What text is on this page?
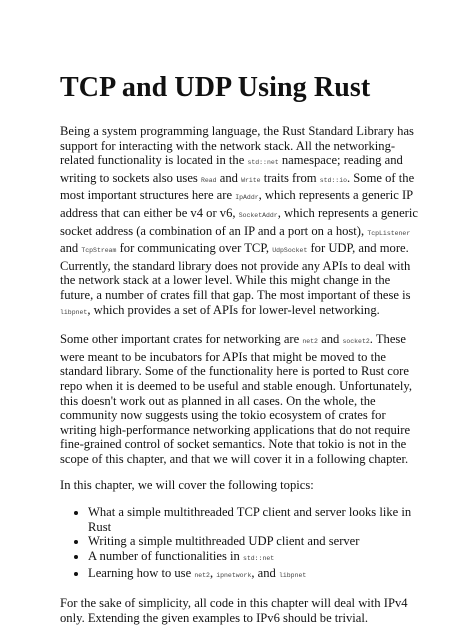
TCP and UDP Using Rust

Being a system programming language, the Rust Standard Library has support for interacting with the network stack. All the networking-related functionality is located in the std::net namespace; reading and writing to sockets also uses Read and Write traits from std::io. Some of the most important structures here are IpAddr, which represents a generic IP address that can either be v4 or v6, SocketAddr, which represents a generic socket address (a combination of an IP and a port on a host), TcpListener and TcpStream for communicating over TCP, UdpSocket for UDP, and more. Currently, the standard library does not provide any APIs to deal with the network stack at a lower level. While this might change in the future, a number of crates fill that gap. The most important of these is libpnet, which provides a set of APIs for lower-level networking.

Some other important crates for networking are net2 and socket2. These were meant to be incubators for APIs that might be moved to the standard library. Some of the functionality here is ported to Rust core repo when it is deemed to be useful and stable enough. Unfortunately, this doesn't work out as planned in all cases. On the whole, the community now suggests using the tokio ecosystem of crates for writing high-performance networking applications that do not require fine-grained control of socket semantics. Note that tokio is not in the scope of this chapter, and that we will cover it in a following chapter.

In this chapter, we will cover the following topics:

• What a simple multithreaded TCP client and server looks like in Rust
• Writing a simple multithreaded UDP client and server
• A number of functionalities in std::net
• Learning how to use net2, ipnetwork, and libpnet

For the sake of simplicity, all code in this chapter will deal with IPv4 only. Extending the given examples to IPv6 should be trivial.
